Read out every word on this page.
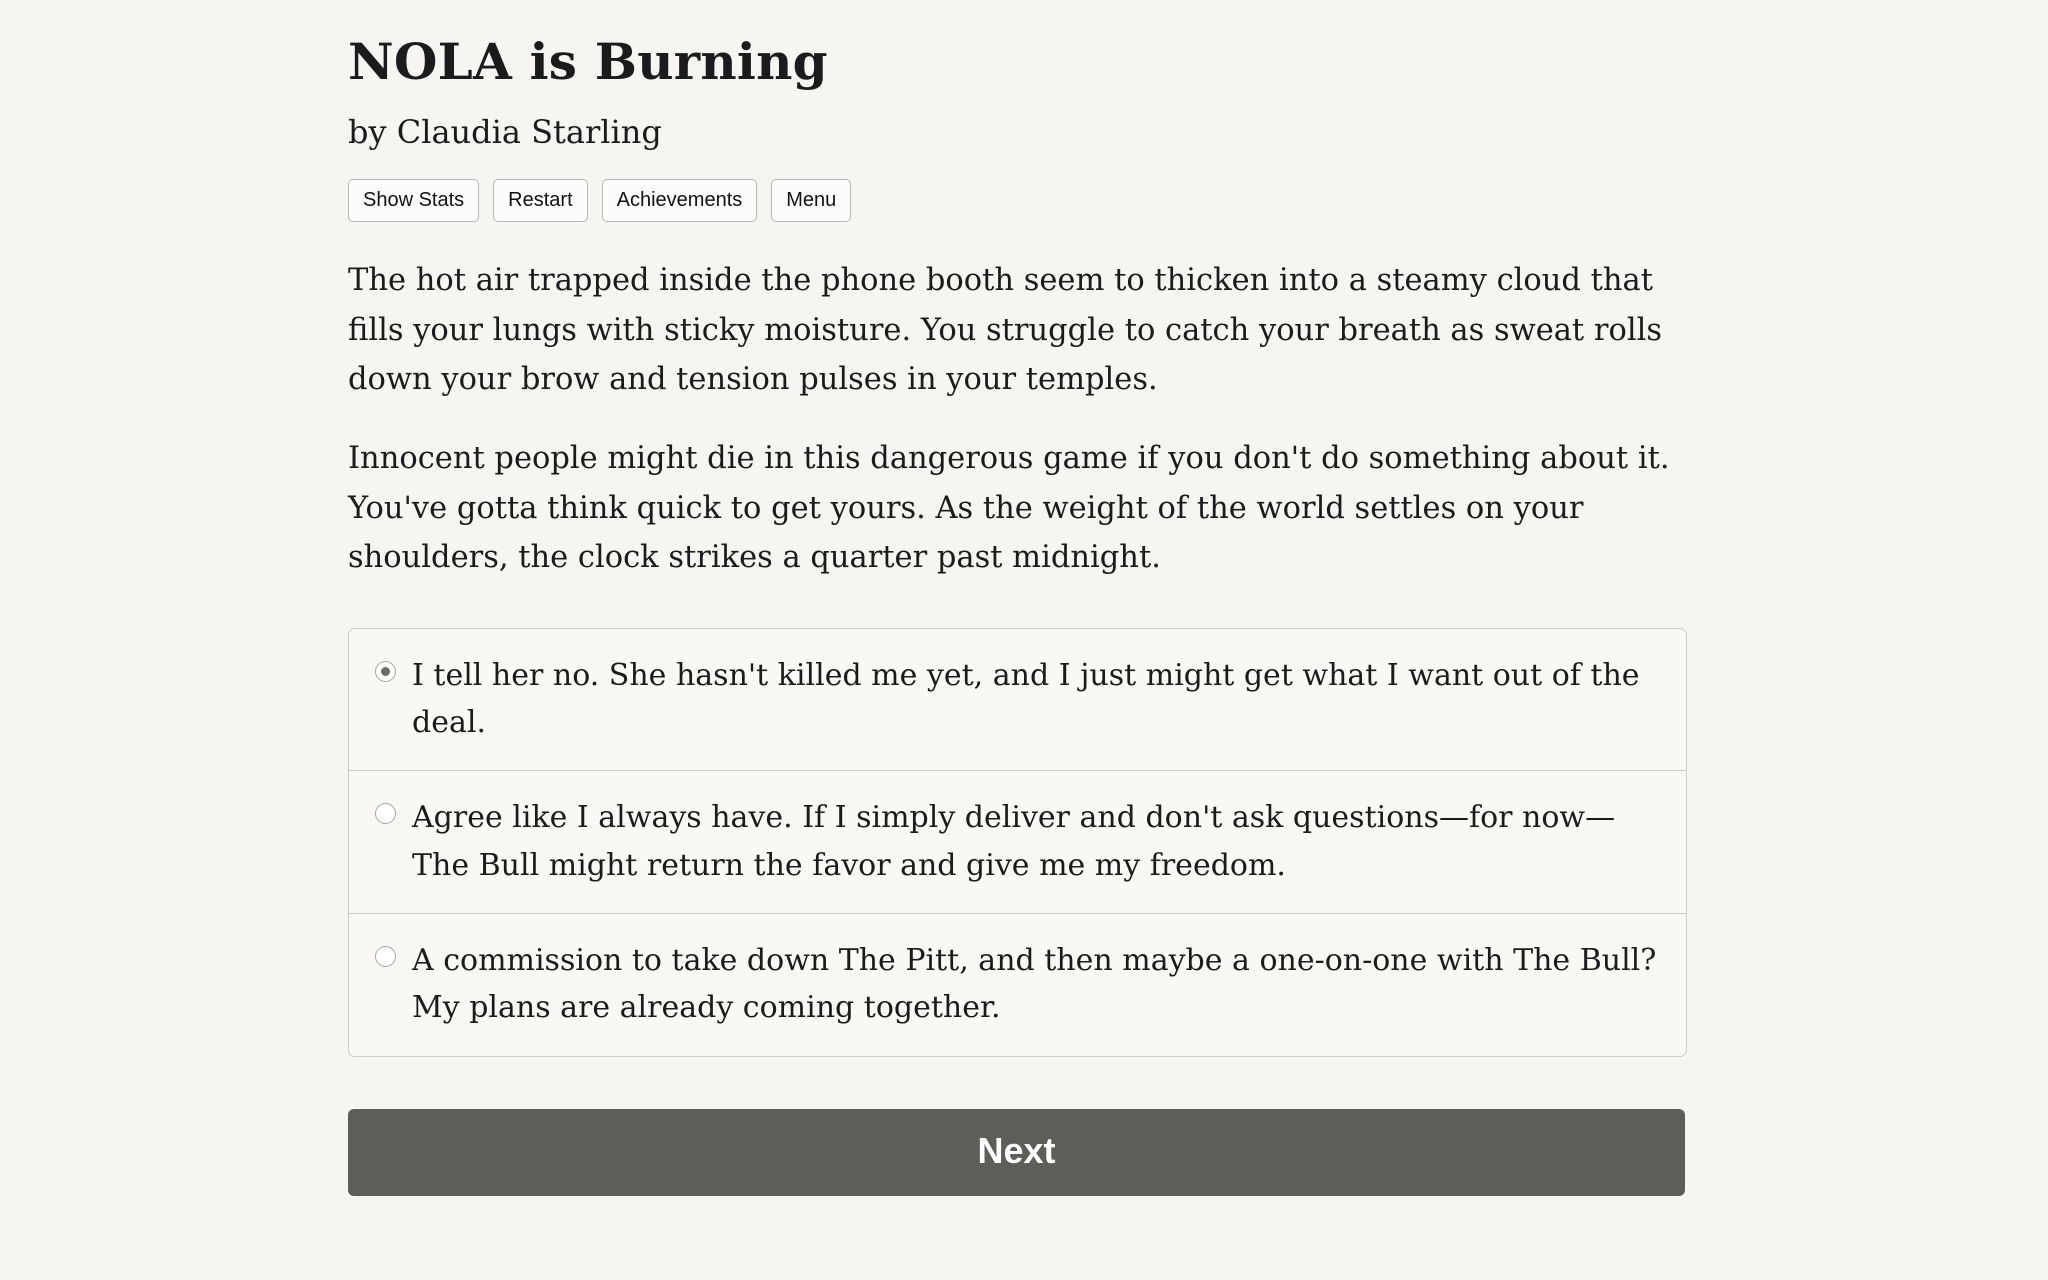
NOLA is Burning
by Claudia Starling
Show Stats	Restart	Achievements	Menu

The hot air trapped inside the phone booth seem to thicken into a steamy cloud that fills your lungs with sticky moisture. You struggle to catch your breath as sweat rolls down your brow and tension pulses in your temples.

Innocent people might die in this dangerous game if you don't do something about it. You've gotta think quick to get yours. As the weight of the world settles on your shoulders, the clock strikes a quarter past midnight.

I tell her no. She hasn't killed me yet, and I just might get what I want out of the deal.
Agree like I always have. If I simply deliver and don't ask questions—for now—The Bull might return the favor and give me my freedom.
A commission to take down The Pitt, and then maybe a one-on-one with The Bull? My plans are already coming together.
Next
